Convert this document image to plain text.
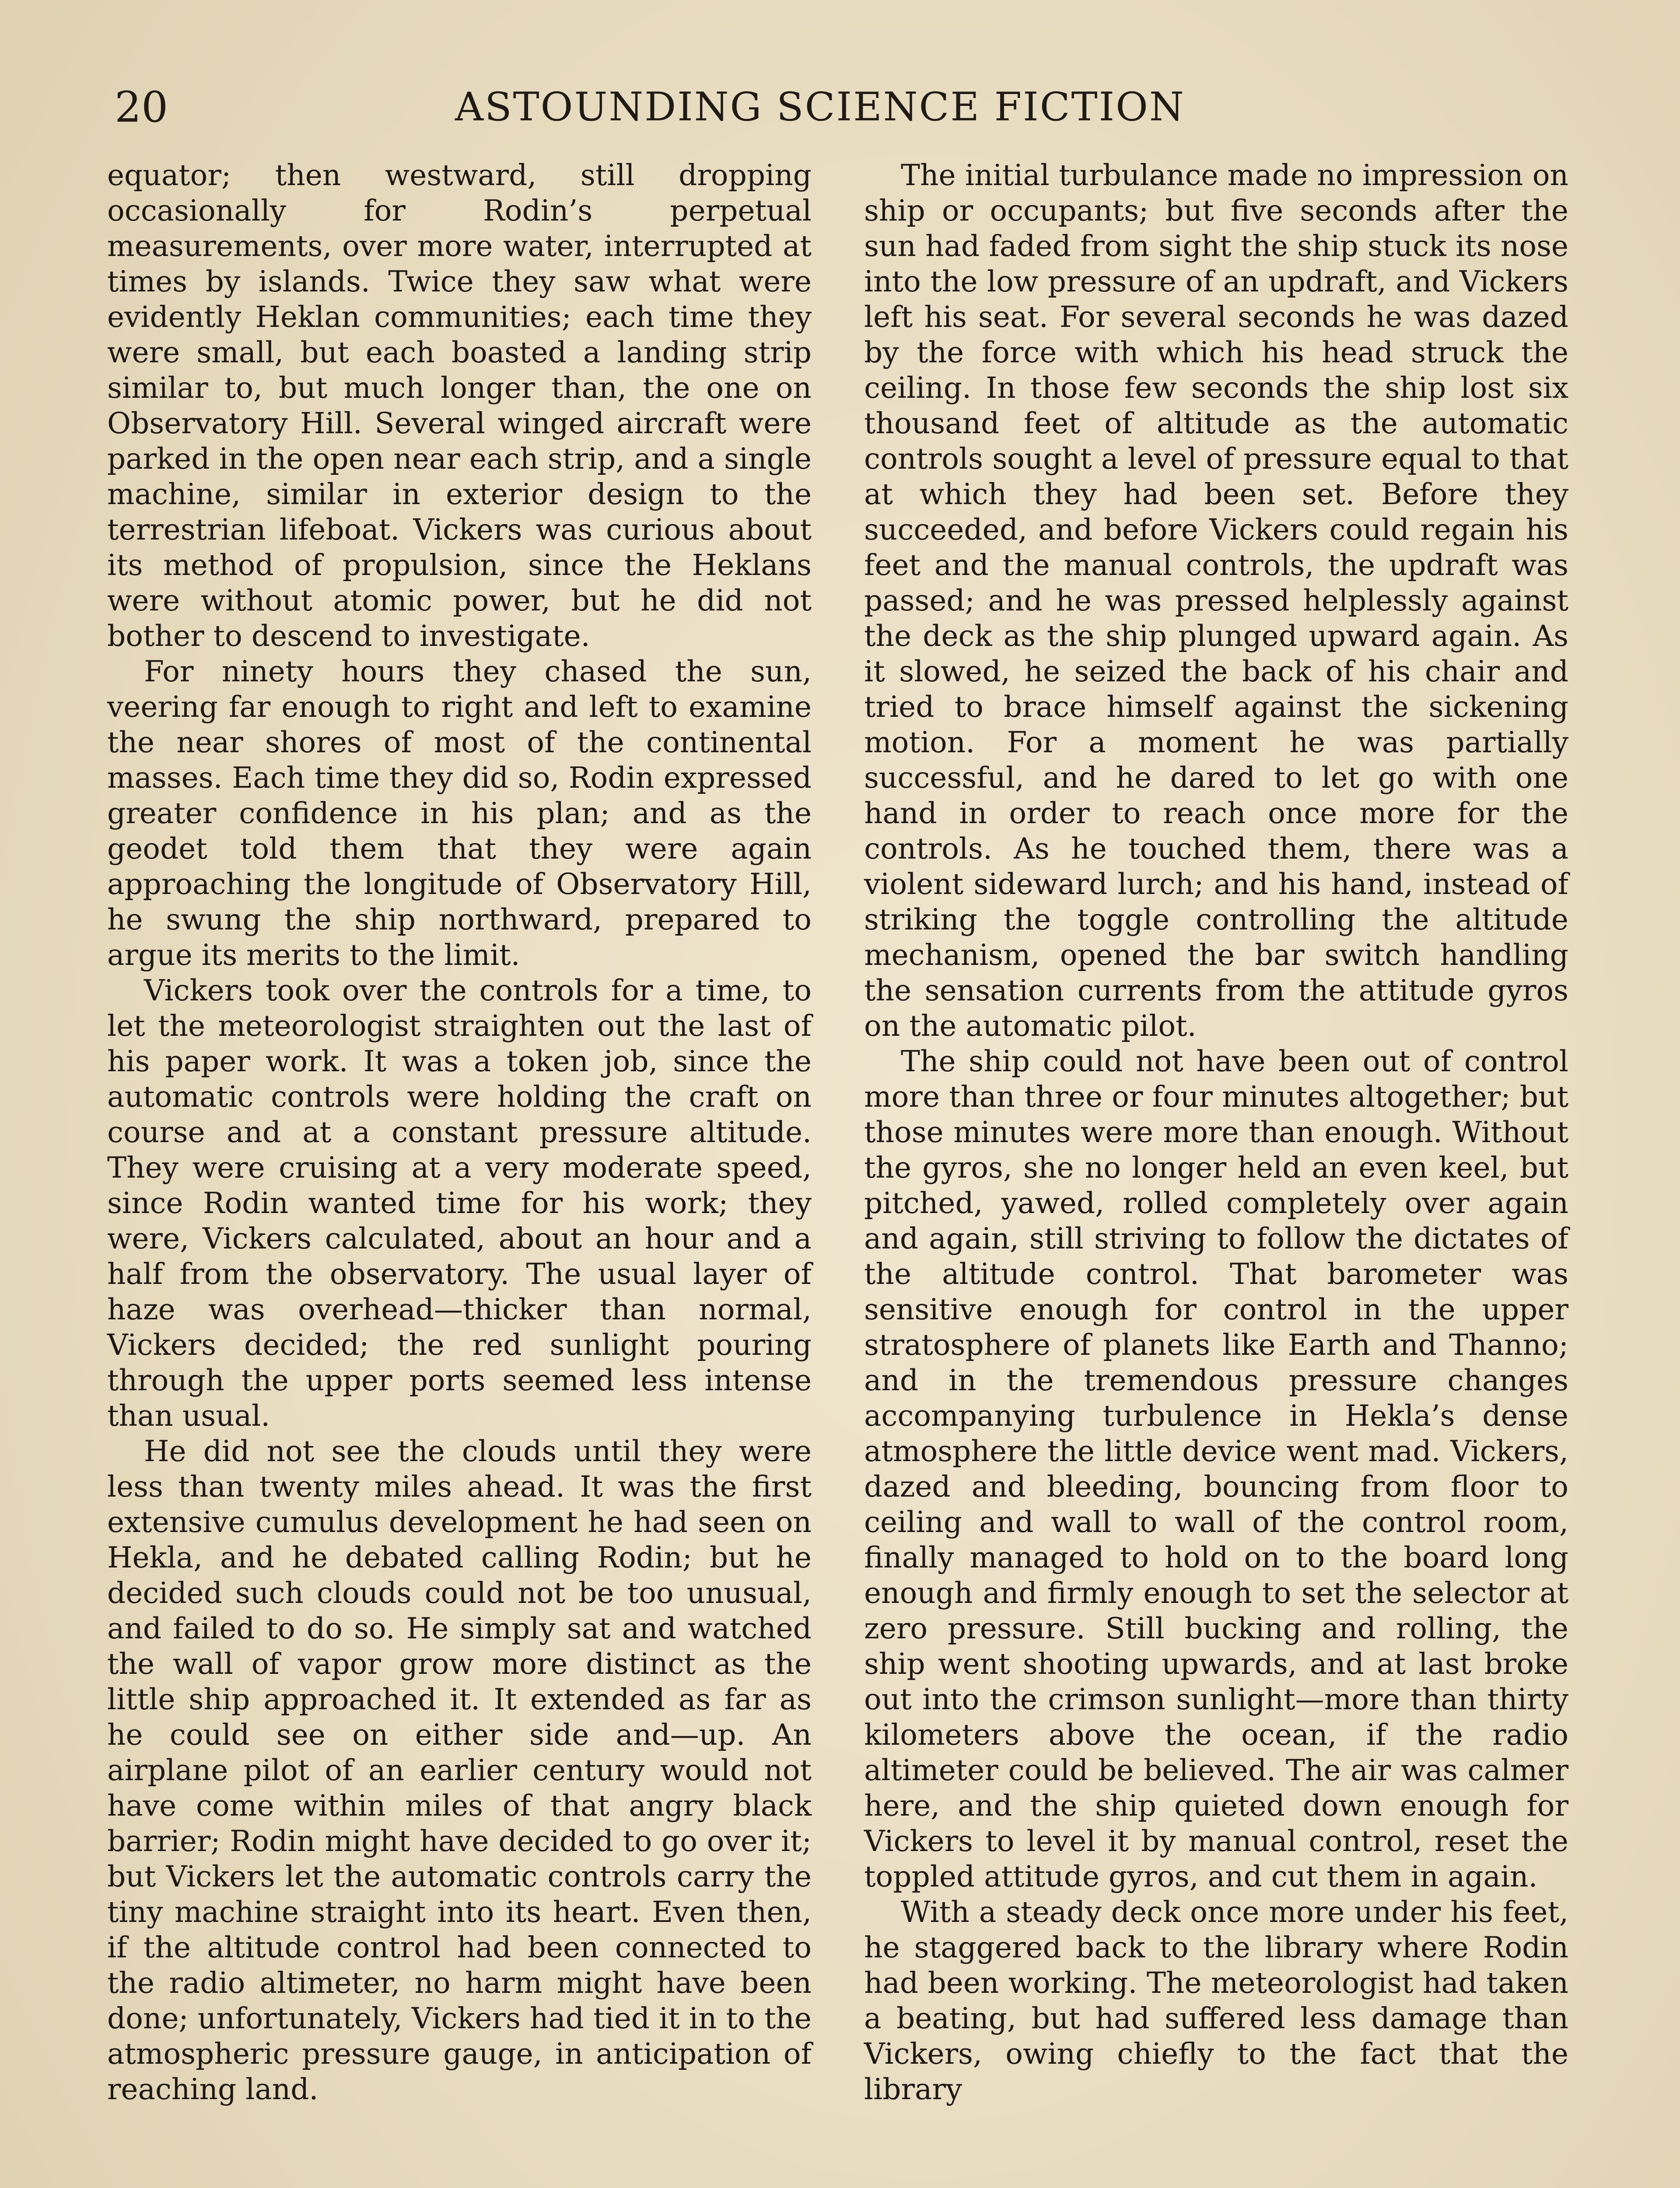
20	ASTOUNDING SCIENCE FICTION

equator; then westward, still dropping occasionally for Rodin’s perpetual measurements, over more water, interrupted at times by islands. Twice they saw what were evidently Heklan communities; each time they were small, but each boasted a landing strip similar to, but much longer than, the one on Observatory Hill. Several winged aircraft were parked in the open near each strip, and a single machine, similar in exterior design to the terrestrian lifeboat. Vickers was curious about its method of propulsion, since the Heklans were without atomic power, but he did not bother to descend to investigate.

For ninety hours they chased the sun, veering far enough to right and left to examine the near shores of most of the continental masses. Each time they did so, Rodin expressed greater confidence in his plan; and as the geodet told them that they were again approaching the longitude of Observatory Hill, he swung the ship northward, prepared to argue its merits to the limit.

Vickers took over the controls for a time, to let the meteorologist straighten out the last of his paper work. It was a token job, since the automatic controls were holding the craft on course and at a constant pressure altitude. They were cruising at a very moderate speed, since Rodin wanted time for his work; they were, Vickers calculated, about an hour and a half from the observatory. The usual layer of haze was overhead—thicker than normal, Vickers decided; the red sunlight pouring through the upper ports seemed less intense than usual.

He did not see the clouds until they were less than twenty miles ahead. It was the first extensive cumulus development he had seen on Hekla, and he debated calling Rodin; but he decided such clouds could not be too unusual, and failed to do so. He simply sat and watched the wall of vapor grow more distinct as the little ship approached it. It extended as far as he could see on either side and—up. An airplane pilot of an earlier century would not have come within miles of that angry black barrier; Rodin might have decided to go over it; but Vickers let the automatic controls carry the tiny machine straight into its heart. Even then, if the altitude control had been connected to the radio altimeter, no harm might have been done; unfortunately, Vickers had tied it in to the atmospheric pressure gauge, in anticipation of reaching land.

The initial turbulance made no impression on ship or occupants; but five seconds after the sun had faded from sight the ship stuck its nose into the low pressure of an updraft, and Vickers left his seat. For several seconds he was dazed by the force with which his head struck the ceiling. In those few seconds the ship lost six thousand feet of altitude as the automatic controls sought a level of pressure equal to that at which they had been set. Before they succeeded, and before Vickers could regain his feet and the manual controls, the updraft was passed; and he was pressed helplessly against the deck as the ship plunged upward again. As it slowed, he seized the back of his chair and tried to brace himself against the sickening motion. For a moment he was partially successful, and he dared to let go with one hand in order to reach once more for the controls. As he touched them, there was a violent sideward lurch; and his hand, instead of striking the toggle controlling the altitude mechanism, opened the bar switch handling the sensation currents from the attitude gyros on the automatic pilot.

The ship could not have been out of control more than three or four minutes altogether; but those minutes were more than enough. Without the gyros, she no longer held an even keel, but pitched, yawed, rolled completely over again and again, still striving to follow the dictates of the altitude control. That barometer was sensitive enough for control in the upper stratosphere of planets like Earth and Thanno; and in the tremendous pressure changes accompanying turbulence in Hekla’s dense atmosphere the little device went mad. Vickers, dazed and bleeding, bouncing from floor to ceiling and wall to wall of the control room, finally managed to hold on to the board long enough and firmly enough to set the selector at zero pressure. Still bucking and rolling, the ship went shooting upwards, and at last broke out into the crimson sunlight—more than thirty kilometers above the ocean, if the radio altimeter could be believed. The air was calmer here, and the ship quieted down enough for Vickers to level it by manual control, reset the toppled attitude gyros, and cut them in again.

With a steady deck once more under his feet, he staggered back to the library where Rodin had been working. The meteorologist had taken a beating, but had suffered less damage than Vickers, owing chiefly to the fact that the library
